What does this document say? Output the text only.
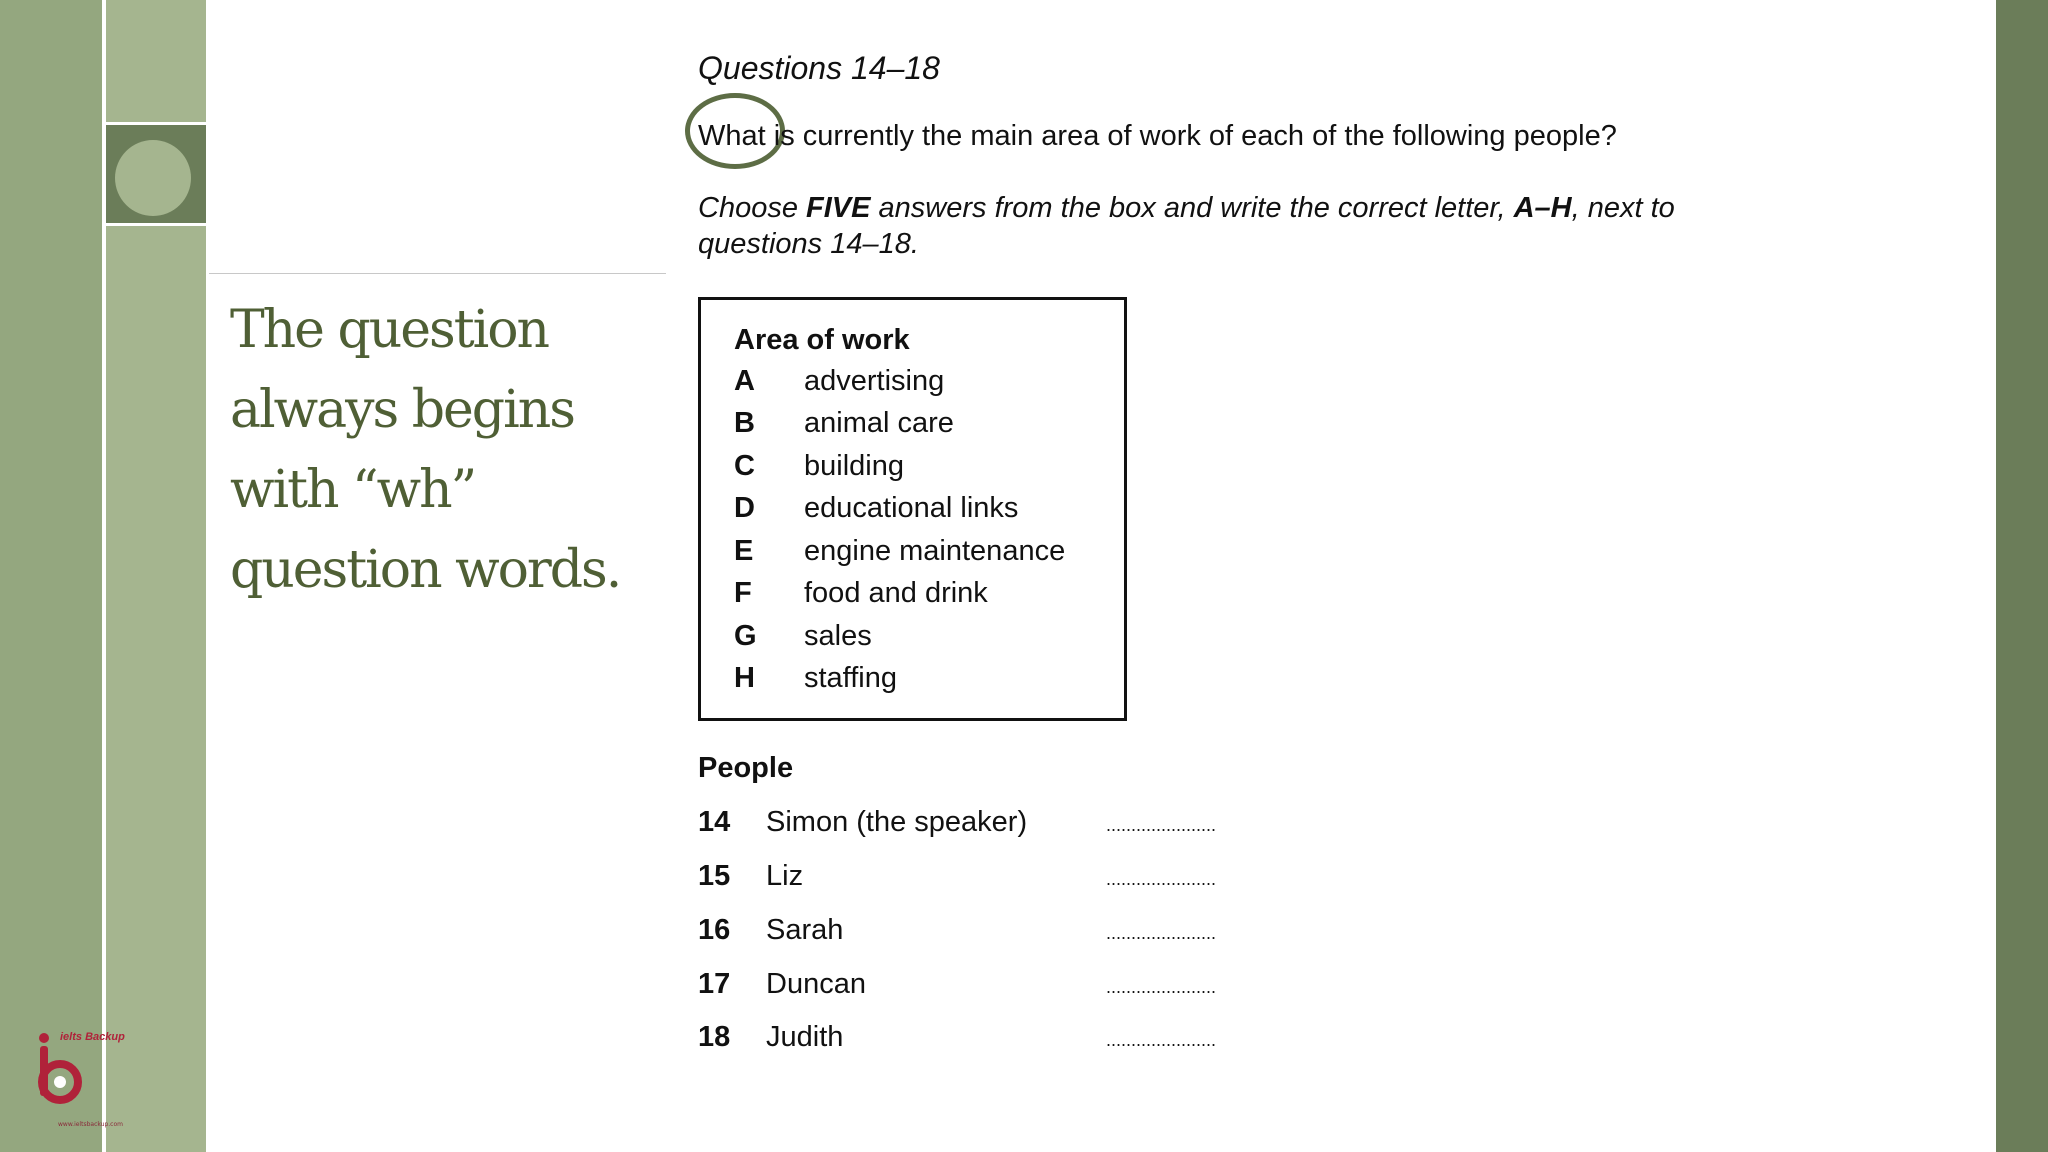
The question always begins with “wh” question words.
www.ieltsbackup.com
ielts Backup
Questions 14–18
What is currently the main area of work of each of the following people?
Choose FIVE answers from the box and write the correct letter, A–H, next to questions 14–18.
Area of work
A advertising
B animal care
C building
D educational links
E engine maintenance
F food and drink
G sales
H staffing
People
14 Simon (the speaker)	......................
15 Liz	......................
16 Sarah	......................
17 Duncan	......................
18 Judith	......................
